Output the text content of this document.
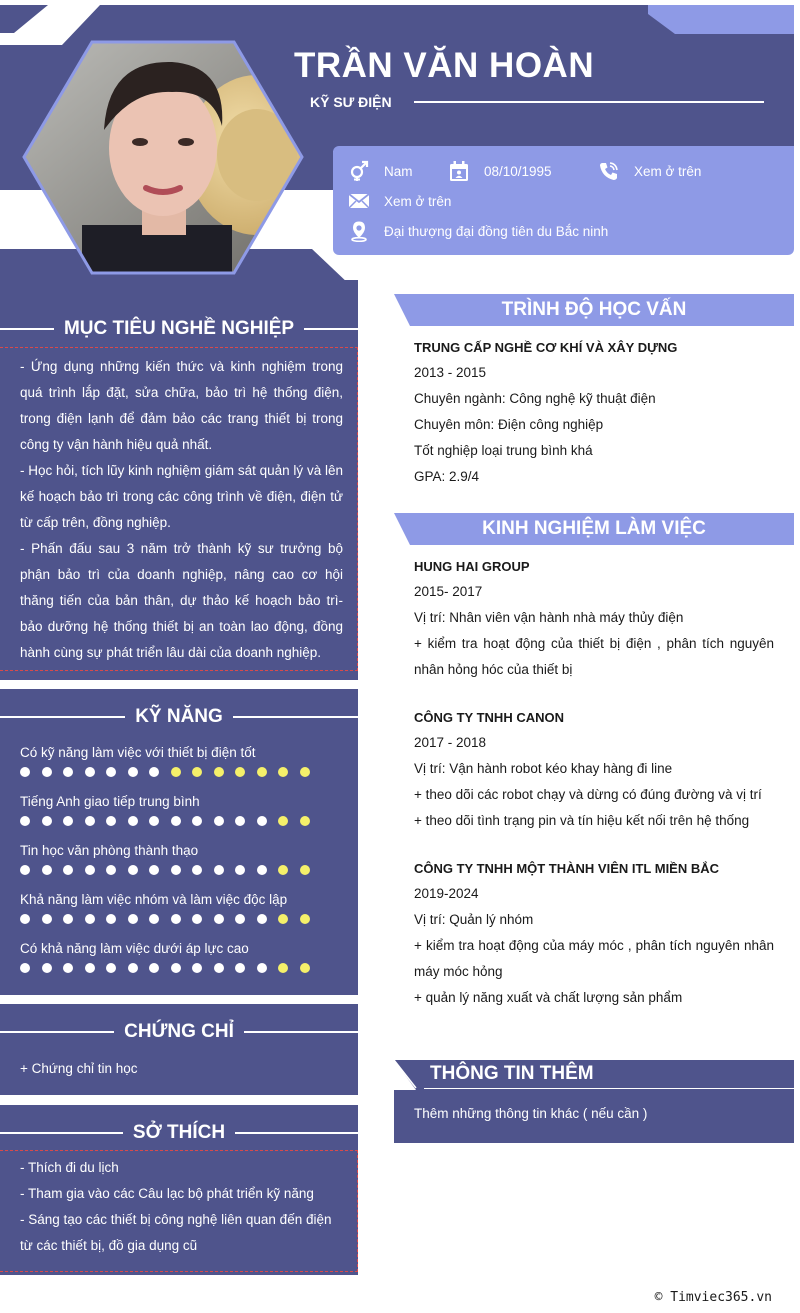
TRẦN VĂN HOÀN
KỸ SƯ ĐIỆN
Nam	08/10/1995	Xem ở trên
Xem ở trên
Đại thượng đại đồng tiên du Bắc ninh
MỤC TIÊU NGHỀ NGHIỆP

- Ứng dụng những kiến thức và kinh nghiệm trong quá trình lắp đặt, sửa chữa, bảo trì hệ thống điện, trong điện lạnh để đảm bảo các trang thiết bị trong công ty vận hành hiệu quả nhất.

- Học hỏi, tích lũy kinh nghiệm giám sát quản lý và lên kế hoạch bảo trì trong các công trình về điện, điện tử từ cấp trên, đồng nghiệp.

- Phấn đấu sau 3 năm trở thành kỹ sư trưởng bộ phận bảo trì của doanh nghiệp, nâng cao cơ hội thăng tiến của bản thân, dự thảo kế hoạch bảo trì- bảo dưỡng hệ thống thiết bị an toàn lao động, đồng hành cùng sự phát triển lâu dài của doanh nghiệp.

KỸ NĂNG
Có kỹ năng làm việc với thiết bị điện tốt
Tiếng Anh giao tiếp trung bình
Tin học văn phòng thành thạo
Khả năng làm việc nhóm và làm việc độc lập
Có khả năng làm việc dưới áp lực cao
CHỨNG CHỈ
+ Chứng chỉ tin học
SỞ THÍCH
- Thích đi du lịch
- Tham gia vào các Câu lạc bộ phát triển kỹ năng
- Sáng tạo các thiết bị công nghệ liên quan đến điện từ các thiết bị, đồ gia dụng cũ
TRÌNH ĐỘ HỌC VẤN
TRUNG CẤP NGHỀ CƠ KHÍ VÀ XÂY DỰNG
2013 - 2015
Chuyên ngành: Công nghệ kỹ thuật điện
Chuyên môn: Điện công nghiệp
Tốt nghiệp loại trung bình khá
GPA: 2.9/4
KINH NGHIỆM LÀM VIỆC
HUNG HAI GROUP
2015- 2017
Vị trí: Nhân viên vận hành nhà máy thủy điện
+ kiểm tra hoạt động của thiết bị điện , phân tích nguyên nhân hỏng hóc của thiết bị
CÔNG TY TNHH CANON
2017 - 2018
Vị trí: Vận hành robot kéo khay hàng đi line
+ theo dõi các robot chạy và dừng có đúng đường và vị trí
+ theo dõi tình trạng pin và tín hiệu kết nối trên hệ thống
CÔNG TY TNHH MỘT THÀNH VIÊN ITL MIỀN BẮC
2019-2024
Vị trí: Quản lý nhóm
+ kiểm tra hoạt động của máy móc , phân tích nguyên nhân máy móc hỏng
+ quản lý năng xuất và chất lượng sản phẩm
THÔNG TIN THÊM
Thêm những thông tin khác ( nếu cần )
© Timviec365.vn
